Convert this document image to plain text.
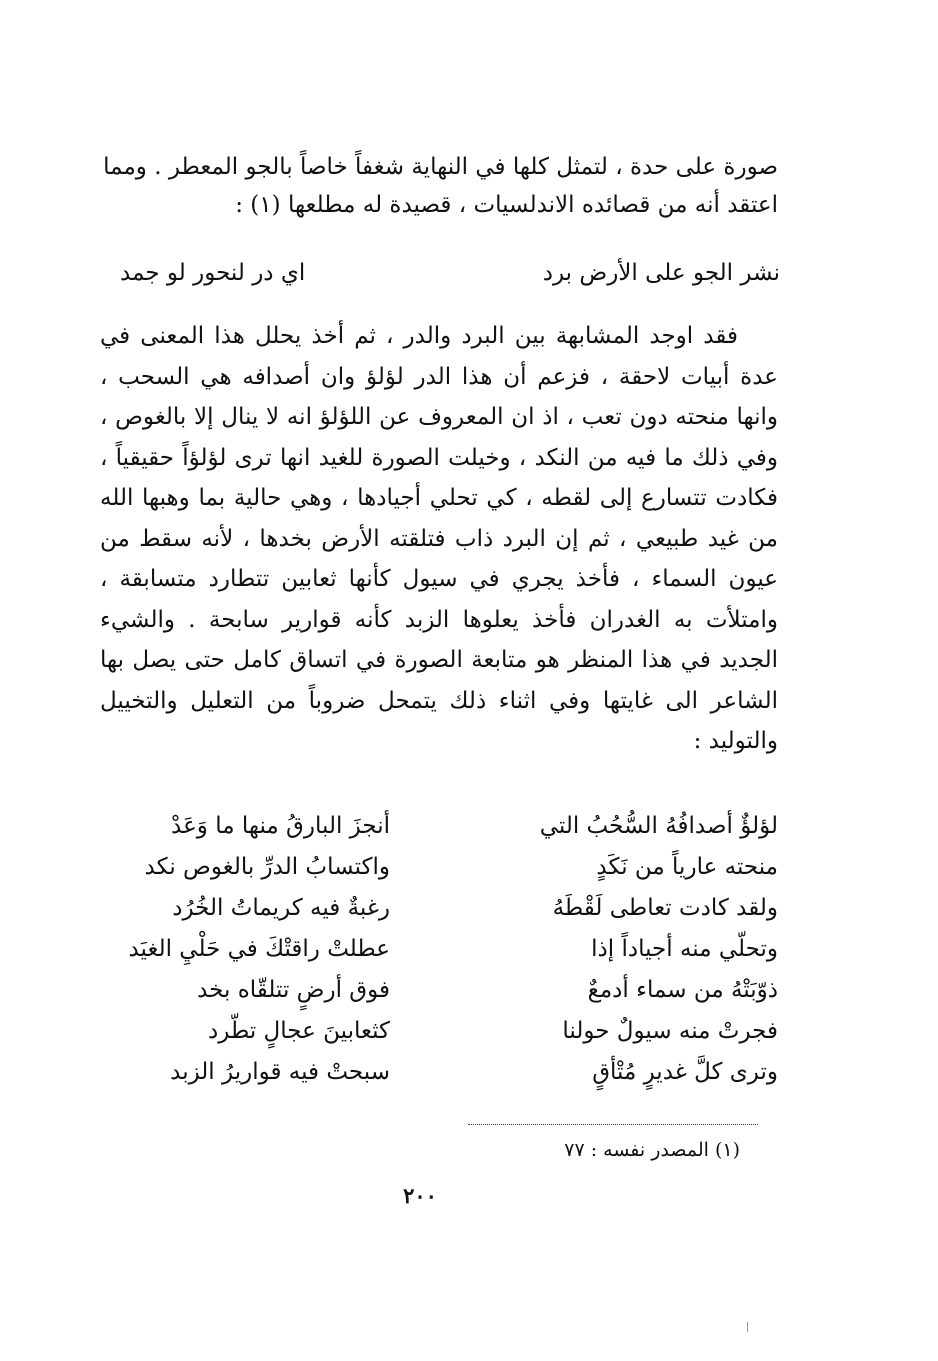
صورة على حدة ، لتمثل كلها في النهاية شغفاً خاصاً بالجو المعطر . ومما

اعتقد أنه من قصائده الاندلسيات ، قصيدة له مطلعها (١) :

نشر الجو على الأرض برد
اي در لنحور لو جمد

فقد اوجد المشابهة بين البرد والدر ، ثم أخذ يحلل هذا المعنى في عدة أبيات لاحقة ، فزعم أن هذا الدر لؤلؤ وان أصدافه هي السحب ، وانها منحته دون تعب ، اذ ان المعروف عن اللؤلؤ انه لا ينال إلا بالغوص ، وفي ذلك ما فيه من النكد ، وخيلت الصورة للغيد انها ترى لؤلؤاً حقيقياً ، فكادت تتسارع إلى لقطه ، كي تحلي أجيادها ، وهي حالية بما وهبها الله من غيد طبيعي ، ثم إن البرد ذاب فتلقته الأرض بخدها ، لأنه سقط من عيون السماء ، فأخذ يجري في سيول كأنها ثعابين تتطارد متسابقة ، وامتلأت به الغدران فأخذ يعلوها الزبد كأنه قوارير سابحة . والشيء الجديد في هذا المنظر هو متابعة الصورة في اتساق كامل حتى يصل بها الشاعر الى غايتها وفي اثناء ذلك يتمحل ضروباً من التعليل والتخييل والتوليد :

لؤلؤٌ أصدافُهُ السُّحُبُ التي
أنجزَ البارقُ منها ما وَعَدْ
منحته عارياً من نَكَدٍ
واكتسابُ الدرِّ بالغوص نكد
ولقد كادت تعاطى لَقْطَهُ
رغبةٌ فيه كريماتُ الخُرُد
وتحلّي منه أجياداً إذا
عطلتْ راقتْكَ في حَلْيِ الغيَد
ذوّبَتْهُ من سماء أدمعٌ
فوق أرضٍ تتلقّاه بخد
فجرتْ منه سيولٌ حولنا
كثعابينَ عجالٍ تطّرد
وترى كلَّ غديرٍ مُتْأقٍ
سبحتْ فيه قواريرُ الزبد
(١) المصدر نفسه : ٧٧
٢٠٠
